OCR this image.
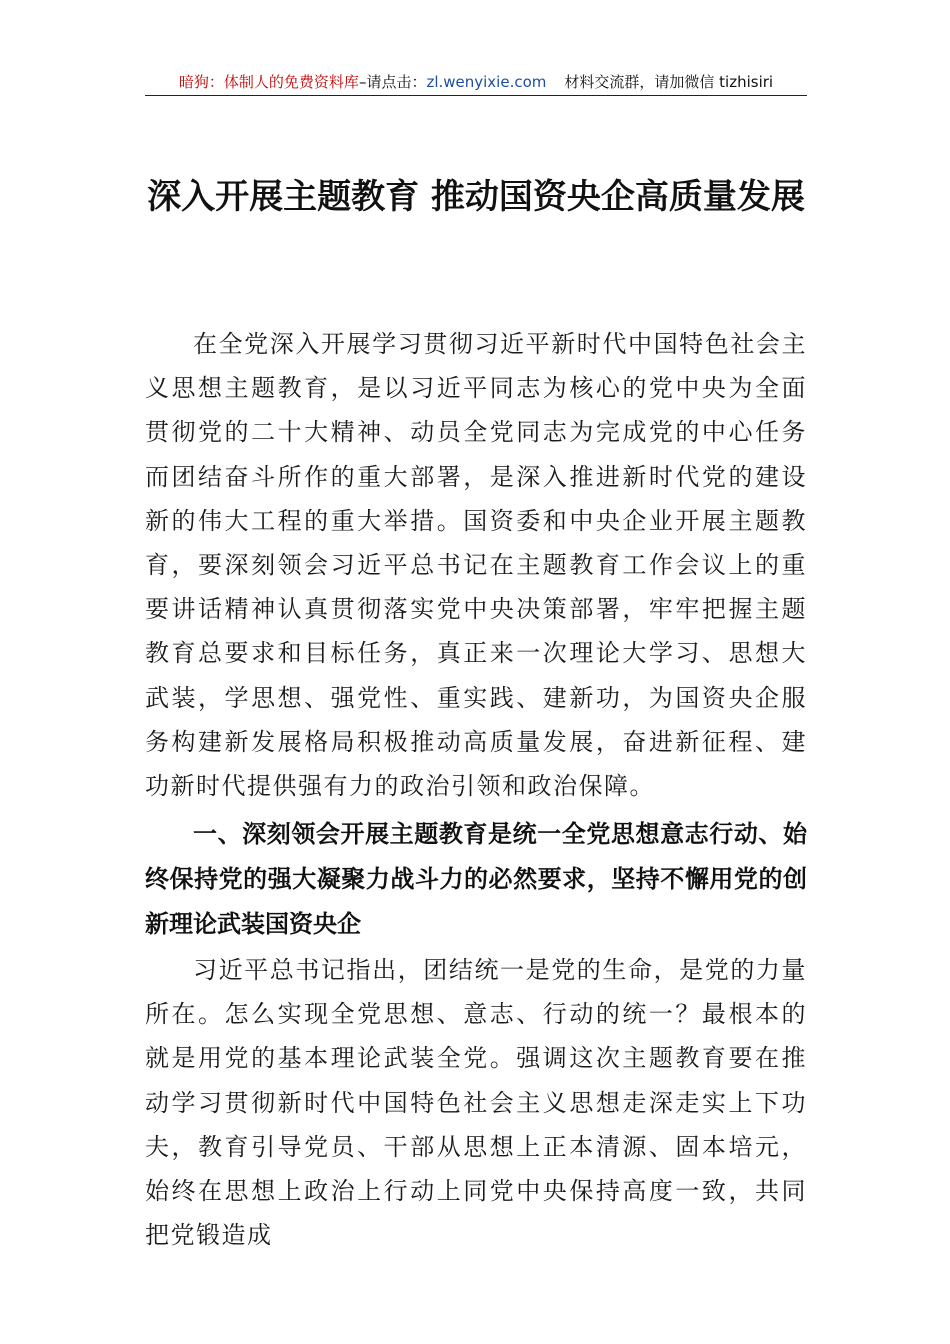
暗狗：体制人的免费资料库–请点击：zl.wenyixie.com 材料交流群，请加微信 tizhisiri
深入开展主题教育 推动国资央企高质量发展
在全党深入开展学习贯彻习近平新时代中国特色社会主义思想主题教育，是以习近平同志为核心的党中央为全面贯彻党的二十大精神、动员全党同志为完成党的中心任务而团结奋斗所作的重大部署，是深入推进新时代党的建设新的伟大工程的重大举措。国资委和中央企业开展主题教育，要深刻领会习近平总书记在主题教育工作会议上的重要讲话精神认真贯彻落实党中央决策部署，牢牢把握主题教育总要求和目标任务，真正来一次理论大学习、思想大武装，学思想、强党性、重实践、建新功，为国资央企服务构建新发展格局积极推动高质量发展，奋进新征程、建功新时代提供强有力的政治引领和政治保障。
一、深刻领会开展主题教育是统一全党思想意志行动、始终保持党的强大凝聚力战斗力的必然要求，坚持不懈用党的创新理论武装国资央企
习近平总书记指出，团结统一是党的生命，是党的力量所在。怎么实现全党思想、意志、行动的统一？最根本的就是用党的基本理论武装全党。强调这次主题教育要在推动学习贯彻新时代中国特色社会主义思想走深走实上下功夫，教育引导党员、干部从思想上正本清源、固本培元，始终在思想上政治上行动上同党中央保持高度一致，共同把党锻造成
